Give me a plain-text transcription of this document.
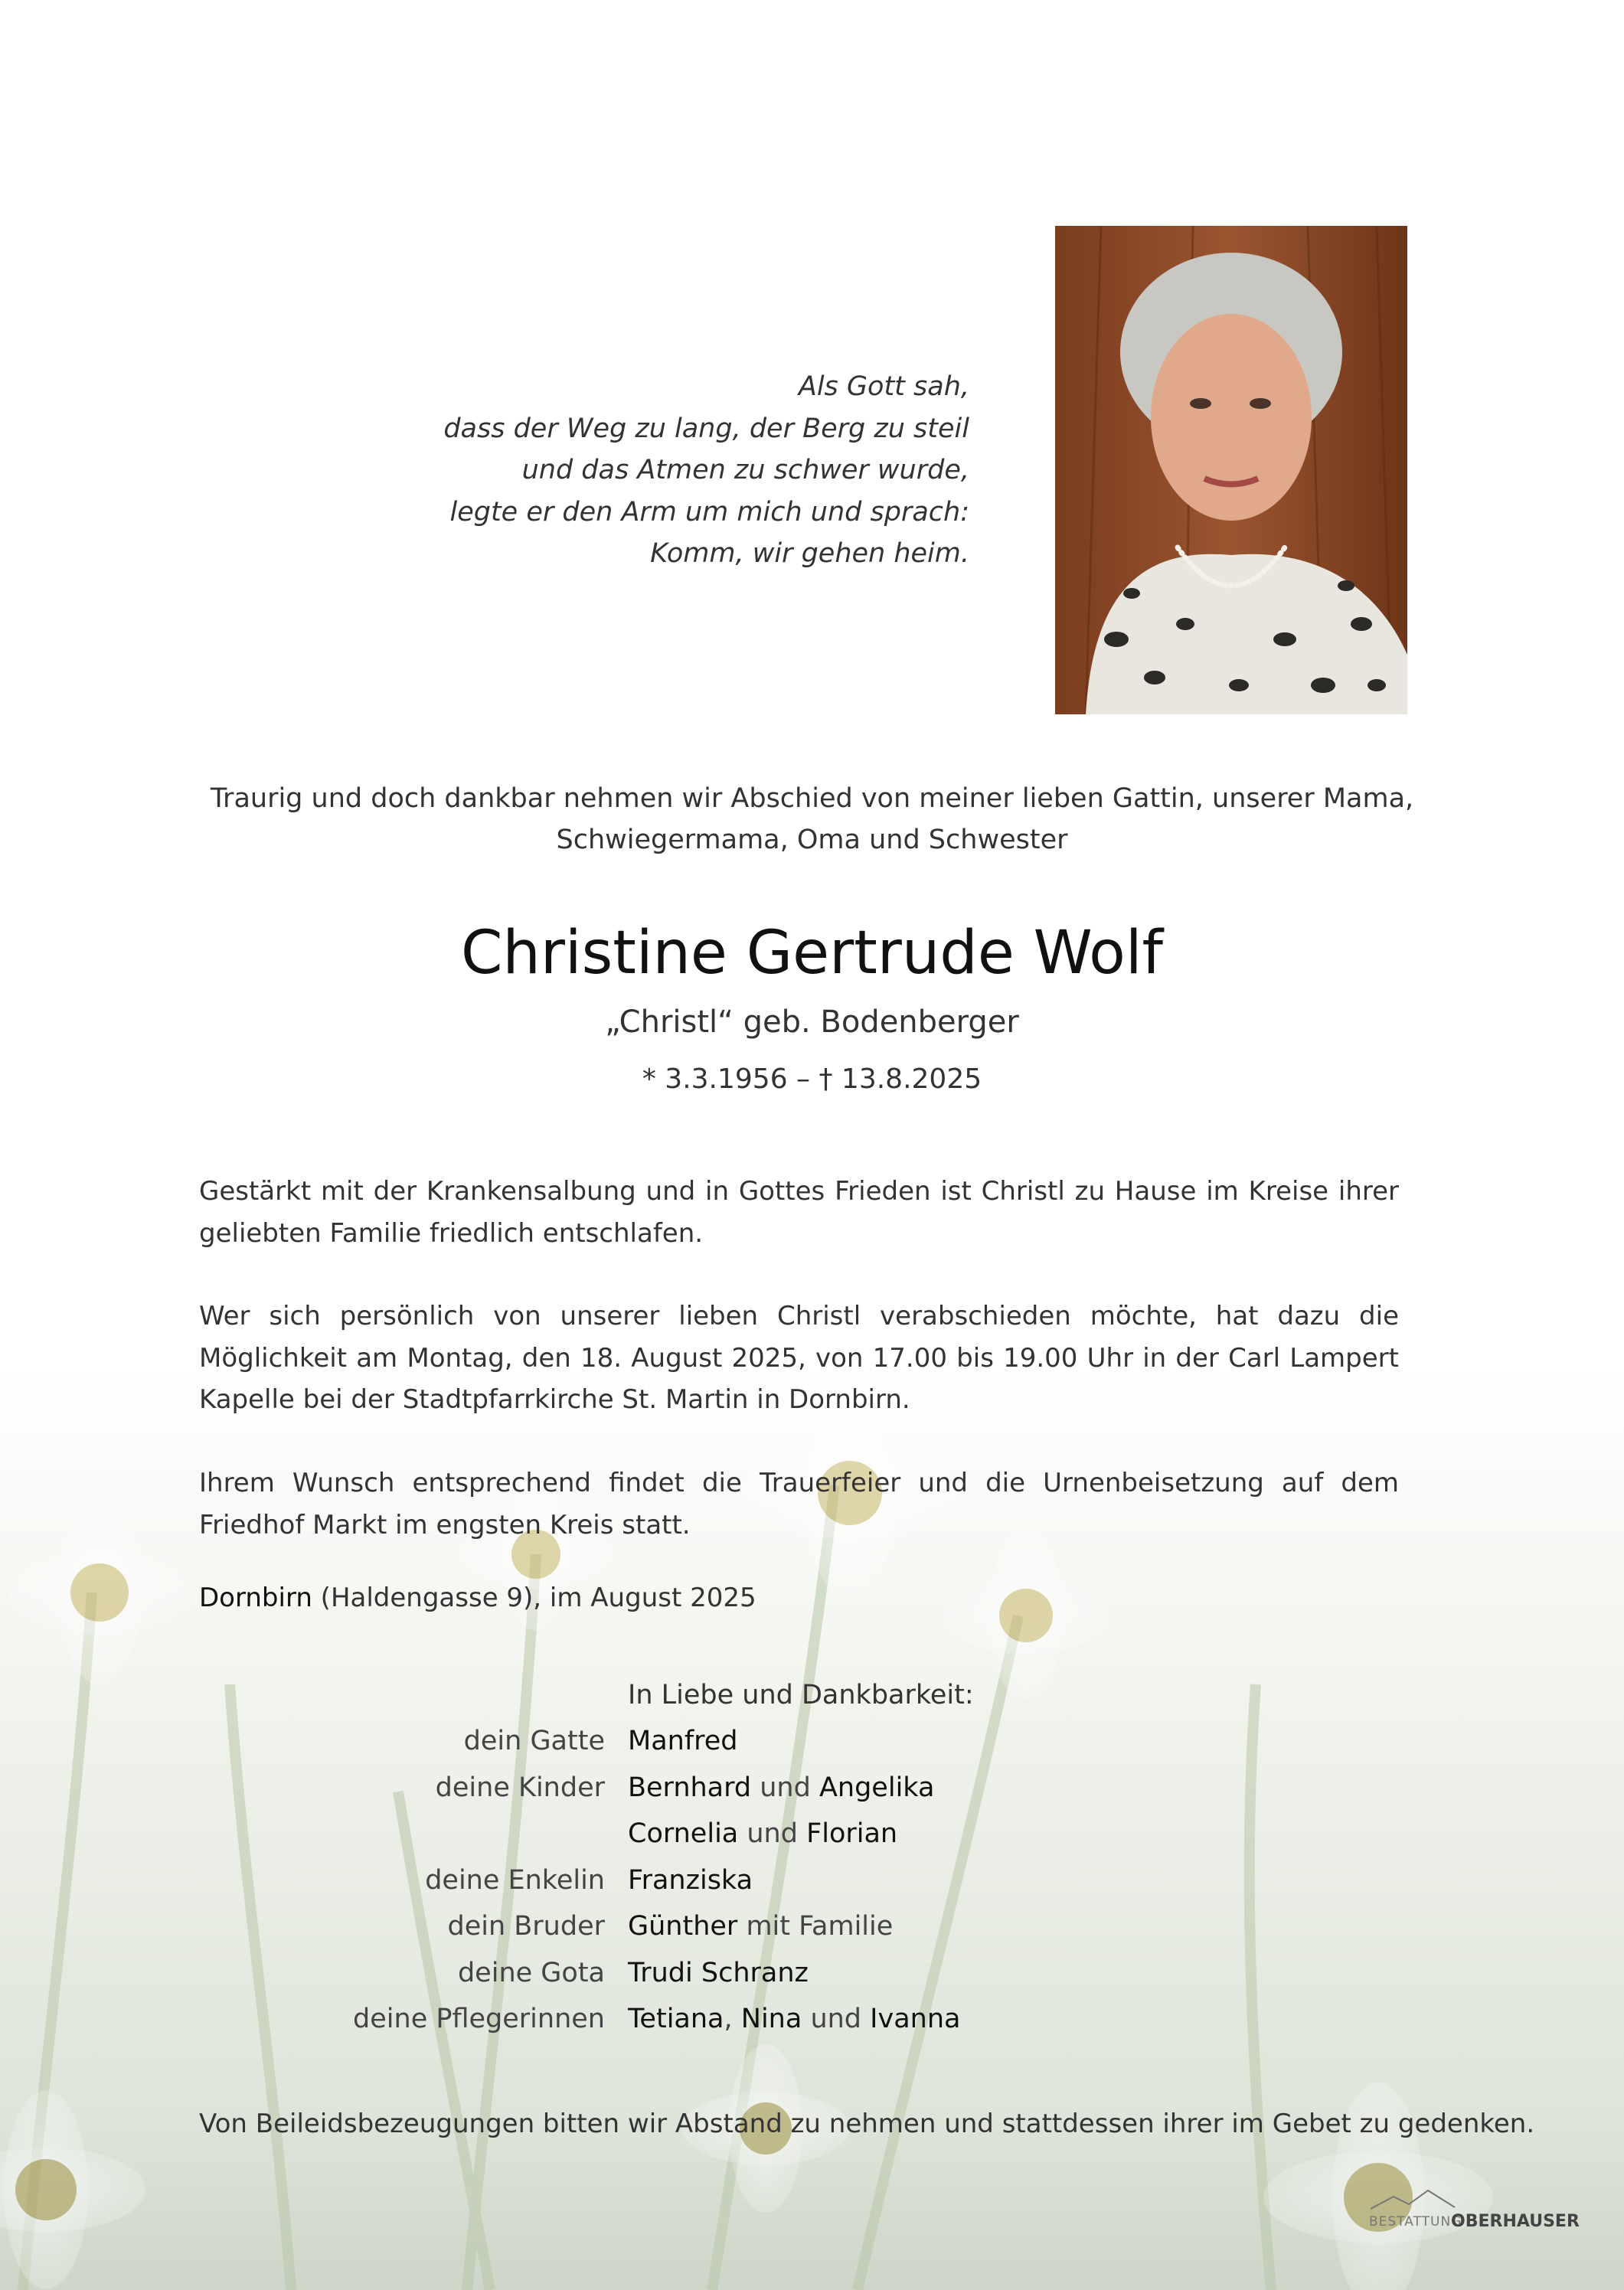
Als Gott sah,
dass der Weg zu lang, der Berg zu steil
und das Atmen zu schwer wurde,
legte er den Arm um mich und sprach:
Komm, wir gehen heim.
Traurig und doch dankbar nehmen wir Abschied von meiner lieben Gattin, unserer Mama,
Schwiegermama, Oma und Schwester
Christine Gertrude Wolf
„Christl“ geb. Bodenberger
* 3.3.1956 – † 13.8.2025
Gestärkt mit der Krankensalbung und in Gottes Frieden ist Christl zu Hause im Kreise ihrer geliebten Familie friedlich entschlafen.
Wer sich persönlich von unserer lieben Christl verabschieden möchte, hat dazu die Möglichkeit am Montag, den 18. August 2025, von 17.00 bis 19.00 Uhr in der Carl Lampert Kapelle bei der Stadtpfarrkirche St. Martin in Dornbirn.
Ihrem Wunsch entsprechend findet die Trauerfeier und die Urnenbeisetzung auf dem Friedhof Markt im engsten Kreis statt.
Dornbirn (Haldengasse 9), im August 2025
In Liebe und Dankbarkeit:
dein Gatte Manfred
deine Kinder Bernhard und Angelika
Cornelia und Florian
deine Enkelin Franziska
dein Bruder Günther mit Familie
deine Gota Trudi Schranz
deine Pflegerinnen Tetiana, Nina und Ivanna
Von Beileidsbezeugungen bitten wir Abstand zu nehmen und stattdessen ihrer im Gebet zu gedenken.
BESTATTUNG
OBERHAUSER
